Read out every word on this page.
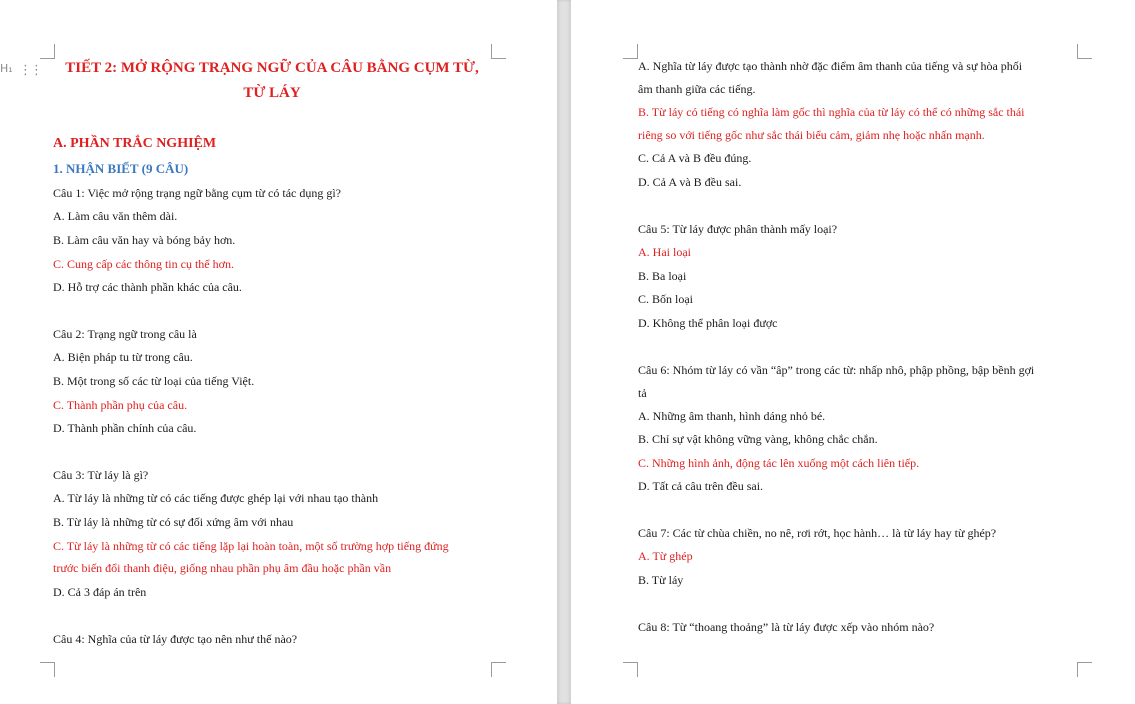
H₁ ⋮⋮	TIẾT 2: MỞ RỘNG TRẠNG NGỮ CỦA CÂU BẰNG CỤM TỪ,
TỪ LÁY
A. PHẦN TRẮC NGHIỆM
1. NHẬN BIẾT (9 CÂU)
Câu 1: Việc mở rộng trạng ngữ bằng cụm từ có tác dụng gì?
A. Làm câu văn thêm dài.
B. Làm câu văn hay và bóng bảy hơn.
C. Cung cấp các thông tin cụ thể hơn.
D. Hỗ trợ các thành phần khác của câu.
Câu 2: Trạng ngữ trong câu là
A. Biện pháp tu từ trong câu.
B. Một trong số các từ loại của tiếng Việt.
C. Thành phần phụ của câu.
D. Thành phần chính của câu.
Câu 3: Từ láy là gì?
A. Từ láy là những từ có các tiếng được ghép lại với nhau tạo thành
B. Từ láy là những từ có sự đối xứng âm với nhau
C. Từ láy là những từ có các tiếng lặp lại hoàn toàn, một số trường hợp tiếng đứng
trước biến đổi thanh điệu, giống nhau phần phụ âm đầu hoặc phần vần
D. Cả 3 đáp án trên
Câu 4: Nghĩa của từ láy được tạo nên như thế nào?
A. Nghĩa từ láy được tạo thành nhờ đặc điểm âm thanh của tiếng và sự hòa phối
âm thanh giữa các tiếng.
B. Từ láy có tiếng có nghĩa làm gốc thì nghĩa của từ láy có thể có những sắc thái
riêng so với tiếng gốc như sắc thái biểu cảm, giảm nhẹ hoặc nhấn mạnh.
C. Cả A và B đều đúng.
D. Cả A và B đều sai.
Câu 5: Từ láy được phân thành mấy loại?
A. Hai loại
B. Ba loại
C. Bốn loại
D. Không thể phân loại được
Câu 6: Nhóm từ láy có vần “âp” trong các từ: nhấp nhô, phập phồng, bập bềnh gợi
tả
A. Những âm thanh, hình dáng nhỏ bé.
B. Chỉ sự vật không vững vàng, không chắc chắn.
C. Những hình ảnh, động tác lên xuống một cách liên tiếp.
D. Tất cả câu trên đều sai.
Câu 7: Các từ chùa chiền, no nê, rơi rớt, học hành… là từ láy hay từ ghép?
A. Từ ghép
B. Từ láy
Câu 8: Từ “thoang thoảng” là từ láy được xếp vào nhóm nào?
